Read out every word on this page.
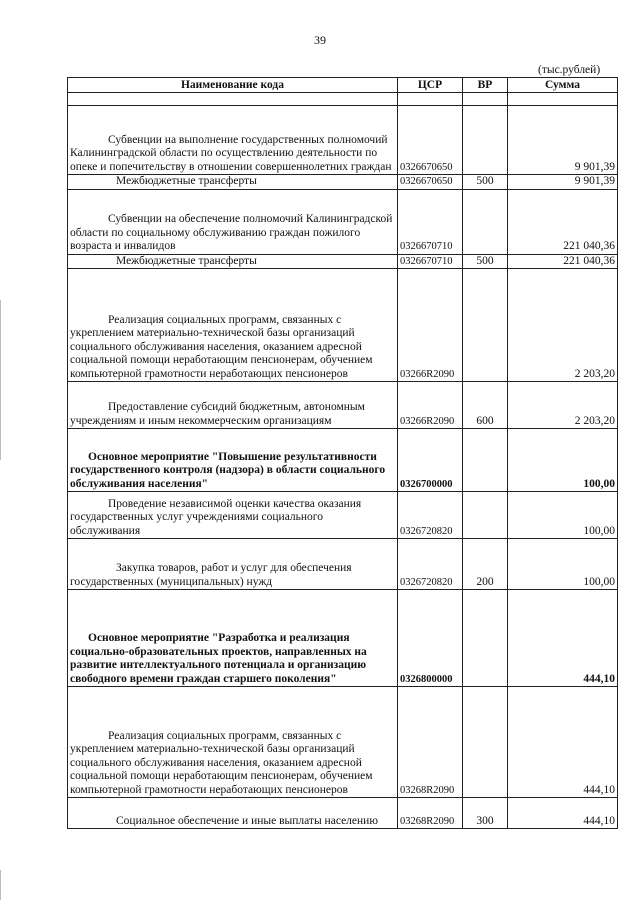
39
(тыс.рублей)
Наименование кода	ЦСР	ВР	Сумма

Субвенции на выполнение государственных полномочий Калининградской области по осуществлению деятельности по опеке и попечительству в отношении совершеннолетних граждан	0326670650		9 901,39
Межбюджетные трансферты	0326670650	500	9 901,39
Субвенции на обеспечение полномочий Калининградской области по социальному обслуживанию граждан пожилого возраста и инвалидов	0326670710		221 040,36
Межбюджетные трансферты	0326670710	500	221 040,36
Реализация социальных программ, связанных с укреплением материально-технической базы организаций социального обслуживания населения, оказанием адресной социальной помощи неработающим пенсионерам, обучением компьютерной грамотности неработающих пенсионеров	03266R2090		2 203,20
Предоставление субсидий бюджетным, автономным учреждениям и иным некоммерческим организациям	03266R2090	600	2 203,20
Основное мероприятие "Повышение результативности государственного контроля (надзора) в области социального обслуживания населения"	0326700000		100,00
Проведение независимой оценки качества оказания государственных услуг учреждениями социального обслуживания	0326720820		100,00
Закупка товаров, работ и услуг для обеспечения государственных (муниципальных) нужд	0326720820	200	100,00
Основное мероприятие "Разработка и реализация социально-образовательных проектов, направленных на развитие интеллектуального потенциала и организацию свободного времени граждан старшего поколения"	0326800000		444,10
Реализация социальных программ, связанных с укреплением материально-технической базы организаций социального обслуживания населения, оказанием адресной социальной помощи неработающим пенсионерам, обучением компьютерной грамотности неработающих пенсионеров	03268R2090		444,10
Социальное обеспечение и иные выплаты населению	03268R2090	300	444,10
